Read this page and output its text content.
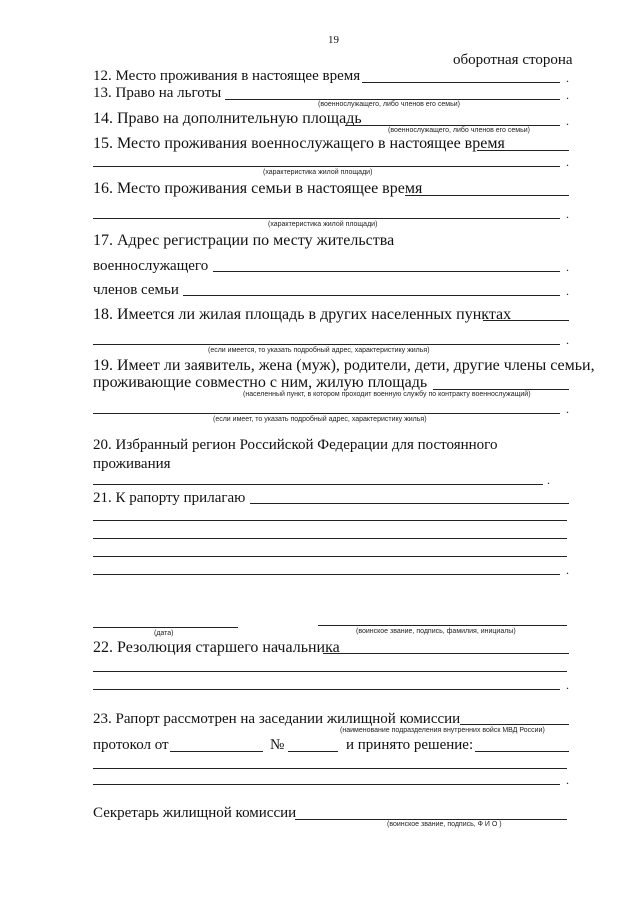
19
оборотная сторона
12. Место проживания в настоящее время	.
13. Право на льготы	.
(военнослужащего, либо членов его семьи)
14. Право на дополнительную площадь	.
(военнослужащего, либо членов его семьи)
15. Место проживания военнослужащего в настоящее время
.
(характеристика жилой площади)
16. Место проживания семьи в настоящее время
.
(характеристика жилой площади)
17. Адрес регистрации по месту жительства
военнослужащего	.
членов семьи	.
18. Имеется ли жилая площадь в других населенных пунктах
.
(если имеется, то указать подробный адрес, характеристику жилья)
19. Имеет ли заявитель, жена (муж), родители, дети, другие члены семьи,
проживающие совместно с ним, жилую площадь
(населенный пункт, в котором проходит военную службу по контракту военнослужащий)
.
(если имеет, то указать подробный адрес, характеристику жилья)
20. Избранный регион Российской Федерации для постоянного
проживания
.
21. К рапорту прилагаю
.
(дата)	(воинское звание, подпись, фамилия, инициалы)
22. Резолюция старшего начальника
.
23. Рапорт рассмотрен на заседании жилищной комиссии
(наименование подразделения внутренних войск МВД России)
протокол от	№	и принято решение:
.
Секретарь жилищной комиссии
(воинское звание, подпись, Ф И О )
